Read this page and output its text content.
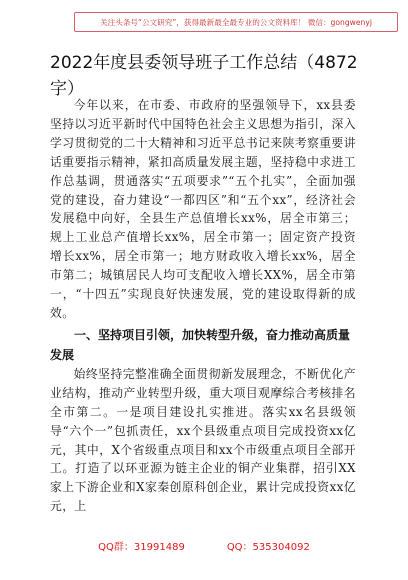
关注头条号“公文研究”，获得最新最全最专业的公文资料库！ 微信：gongwenyj
2022年度县委领导班子工作总结（4872字）

今年以来，在市委、市政府的坚强领导下，xx县委坚持以习近平新时代中国特色社会主义思想为指引，深入学习贯彻党的二十大精神和习近平总书记来陕考察重要讲话重要指示精神，紧扣高质量发展主题，坚持稳中求进工作总基调，贯通落实“五项要求”“五个扎实”，全面加强党的建设，奋力建设“一都四区”和“五个xx”，经济社会发展稳中向好，全县生产总值增长xx%，居全市第三；规上工业总产值增长xx%，居全市第一；固定资产投资增长xx%，居全市第一；地方财政收入增长xx%，居全市第二；城镇居民人均可支配收入增长XX%，居全市第一，“十四五”实现良好快速发展，党的建设取得新的成效。

一、坚持项目引领，加快转型升级，奋力推动高质量发展

始终坚持完整准确全面贯彻新发展理念，不断优化产业结构，推动产业转型升级，重大项目观摩综合考核排名全市第二。一是项目建设扎实推进。落实xx名县级领导“六个一”包抓责任，xx个县级重点项目完成投资xx亿元，其中，X个省级重点项目和xx个市级重点项目全部开工。打造了以环亚源为链主企业的铜产业集群，招引XX家上下游企业和X家秦创原科创企业，累计完成投资xx亿元，上

QQ群：31991489	QQ：535304092
